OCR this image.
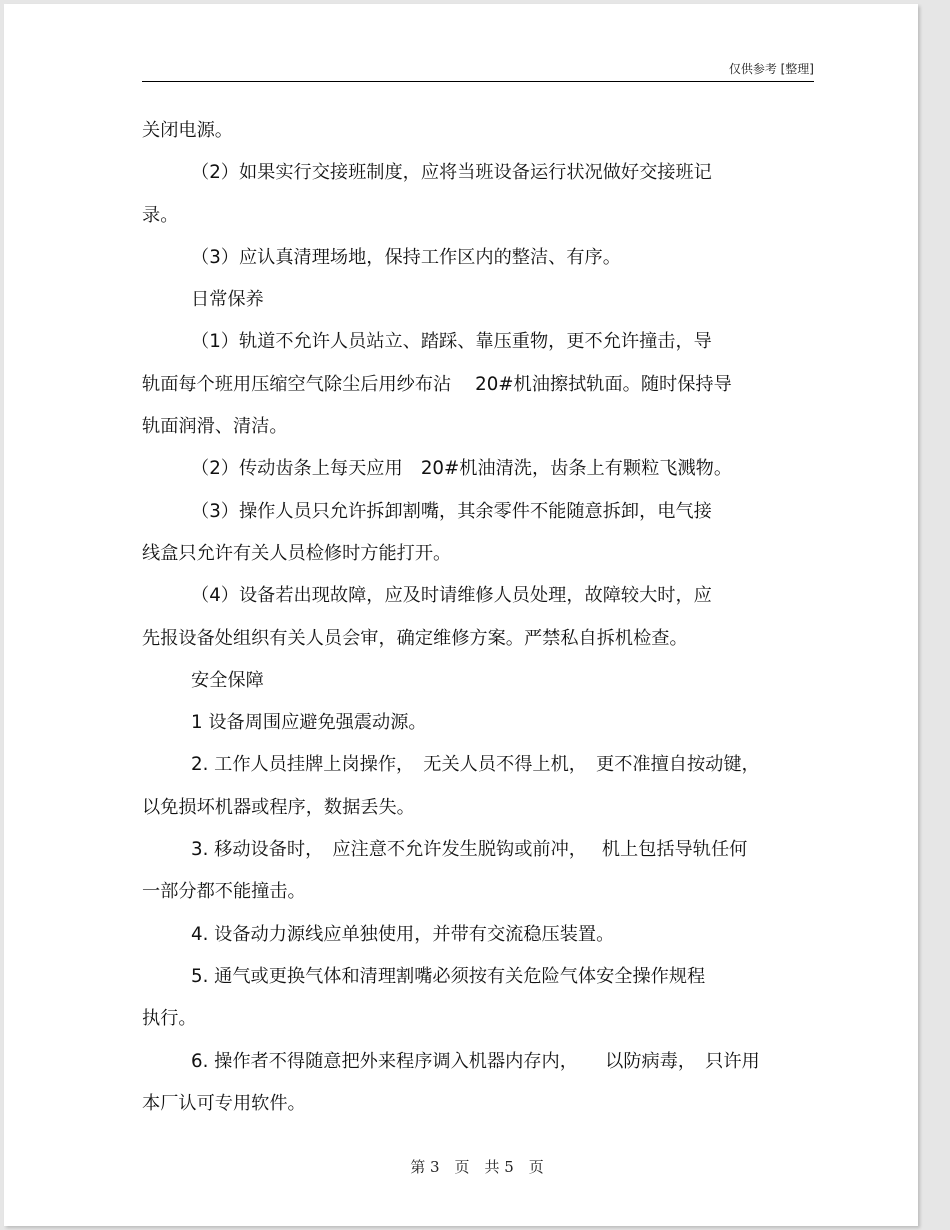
仅供参考 [整理]

关闭电源。

（2）如果实行交接班制度，应将当班设备运行状况做好交接班记

录。

（3）应认真清理场地，保持工作区内的整洁、有序。

日常保养

（1）轨道不允许人员站立、踏踩、靠压重物，更不允许撞击，导

轨面每个班用压缩空气除尘后用纱布沾　 20#机油擦拭轨面。随时保持导

轨面润滑、清洁。

（2）传动齿条上每天应用　20#机油清洗，齿条上有颗粒飞溅物。

（3）操作人员只允许拆卸割嘴，其余零件不能随意拆卸，电气接

线盒只允许有关人员检修时方能打开。

（4）设备若出现故障，应及时请维修人员处理，故障较大时，应

先报设备处组织有关人员会审，确定维修方案。严禁私自拆机检查。

安全保障

1 设备周围应避免强震动源。

2. 工作人员挂牌上岗操作，　无关人员不得上机，　更不准擅自按动键，

以免损坏机器或程序，数据丢失。

3. 移动设备时，　应注意不允许发生脱钩或前冲，　 机上包括导轨任何

一部分都不能撞击。

4. 设备动力源线应单独使用，并带有交流稳压装置。

5. 通气或更换气体和清理割嘴必须按有关危险气体安全操作规程

执行。

6. 操作者不得随意把外来程序调入机器内存内，　　以防病毒，　只许用

本厂认可专用软件。

第 3　页　共 5　页
